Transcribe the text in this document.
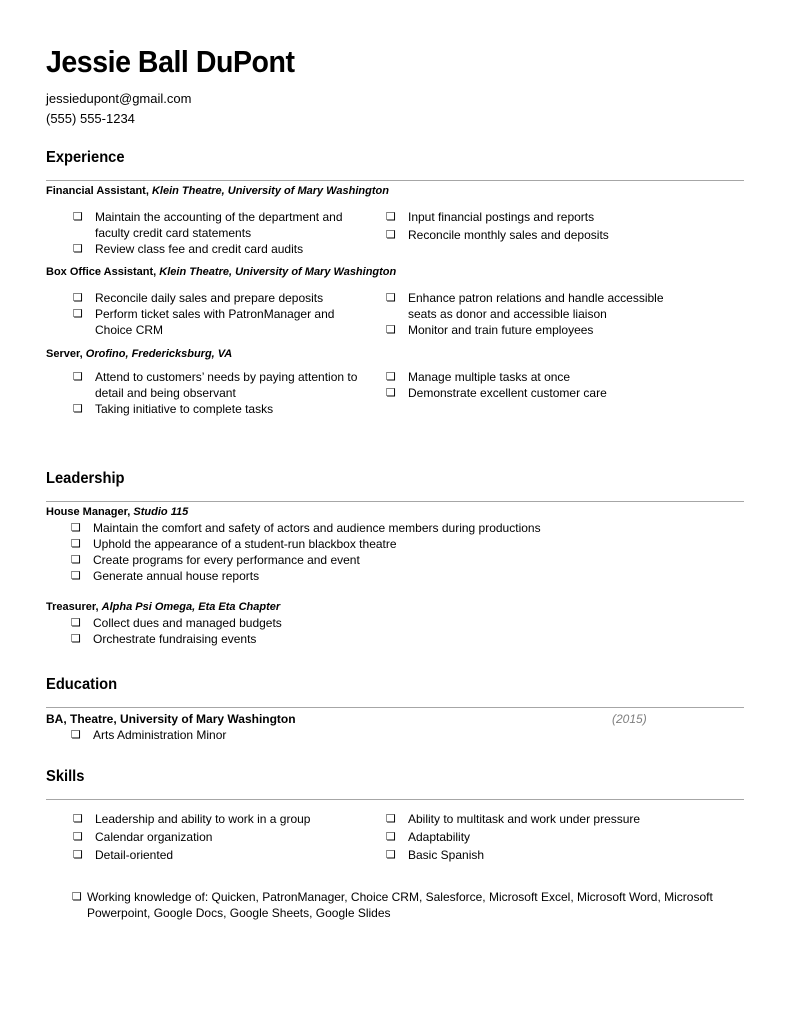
Jessie Ball DuPont
jessiedupont@gmail.com
(555) 555-1234
Experience
Financial Assistant, Klein Theatre, University of Mary Washington
❏ Maintain the accounting of the department and faculty credit card statements
❏ Review class fee and credit card audits
❏ Input financial postings and reports
❏ Reconcile monthly sales and deposits
Box Office Assistant, Klein Theatre, University of Mary Washington
❏ Reconcile daily sales and prepare deposits
❏ Perform ticket sales with PatronManager and Choice CRM
❏ Enhance patron relations and handle accessible seats as donor and accessible liaison
❏ Monitor and train future employees
Server, Orofino, Fredericksburg, VA
❏ Attend to customers’ needs by paying attention to detail and being observant
❏ Taking initiative to complete tasks
❏ Manage multiple tasks at once
❏ Demonstrate excellent customer care
Leadership
House Manager, Studio 115
❏ Maintain the comfort and safety of actors and audience members during productions
❏ Uphold the appearance of a student-run blackbox theatre
❏ Create programs for every performance and event
❏ Generate annual house reports
Treasurer, Alpha Psi Omega, Eta Eta Chapter
❏ Collect dues and managed budgets
❏ Orchestrate fundraising events
Education
BA, Theatre, University of Mary Washington	(2015)
❏ Arts Administration Minor
Skills
❏ Leadership and ability to work in a group
❏ Calendar organization
❏ Detail-oriented
❏ Ability to multitask and work under pressure
❏ Adaptability
❏ Basic Spanish
❏ Working knowledge of: Quicken, PatronManager, Choice CRM, Salesforce, Microsoft Excel, Microsoft Word, Microsoft Powerpoint, Google Docs, Google Sheets, Google Slides
